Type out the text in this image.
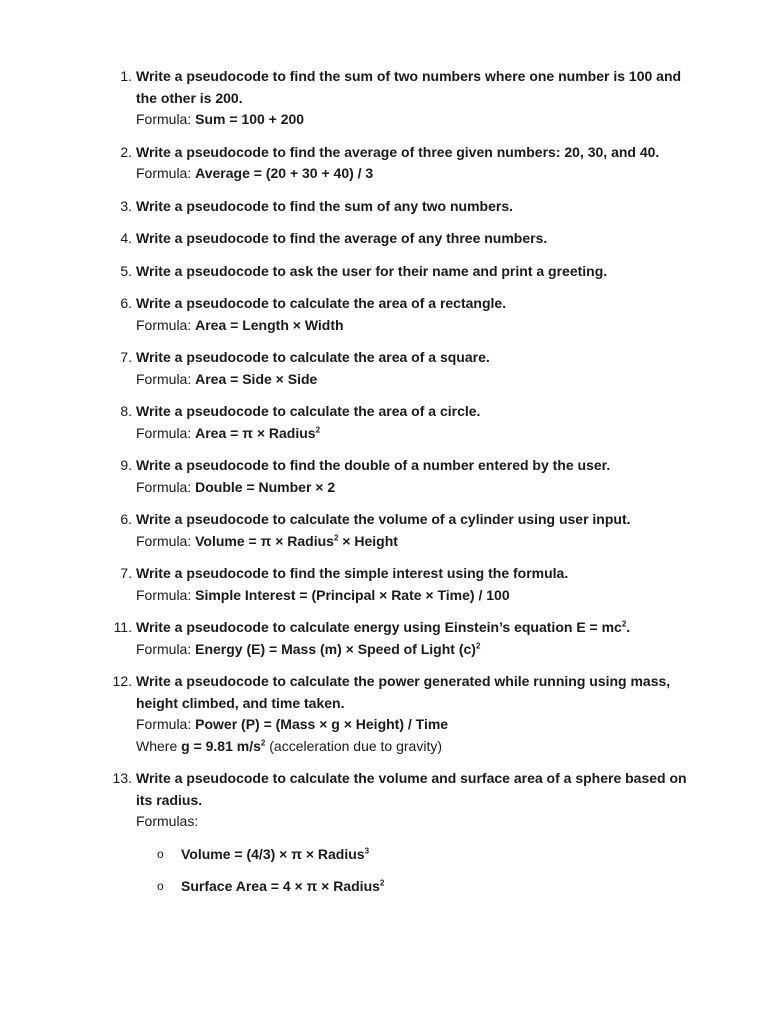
1. Write a pseudocode to find the sum of two numbers where one number is 100 and the other is 200.
Formula: Sum = 100 + 200
2. Write a pseudocode to find the average of three given numbers: 20, 30, and 40.
Formula: Average = (20 + 30 + 40) / 3
3. Write a pseudocode to find the sum of any two numbers.
4. Write a pseudocode to find the average of any three numbers.
5. Write a pseudocode to ask the user for their name and print a greeting.
6. Write a pseudocode to calculate the area of a rectangle.
Formula: Area = Length × Width
7. Write a pseudocode to calculate the area of a square.
Formula: Area = Side × Side
8. Write a pseudocode to calculate the area of a circle.
Formula: Area = π × Radius$^2$
9. Write a pseudocode to find the double of a number entered by the user.
Formula: Double = Number × 2
6. Write a pseudocode to calculate the volume of a cylinder using user input.
Formula: Volume = π × Radius$^2$ × Height
7. Write a pseudocode to find the simple interest using the formula.
Formula: Simple Interest = (Principal × Rate × Time) / 100
11. Write a pseudocode to calculate energy using Einstein’s equation $E = mc^2$.
Formula: Energy (E) = Mass (m) × Speed of Light $(c)^2$
12. Write a pseudocode to calculate the power generated while running using mass, height climbed, and time taken.
Formula: Power (P) = (Mass × g × Height) / Time
Where g = 9.81 $m/s^2$ (acceleration due to gravity)
13. Write a pseudocode to calculate the volume and surface area of a sphere based on its radius.
Formulas:
o Volume = (4/3) × π × Radius$^3$
o Surface Area = 4 × π × Radius$^2$
